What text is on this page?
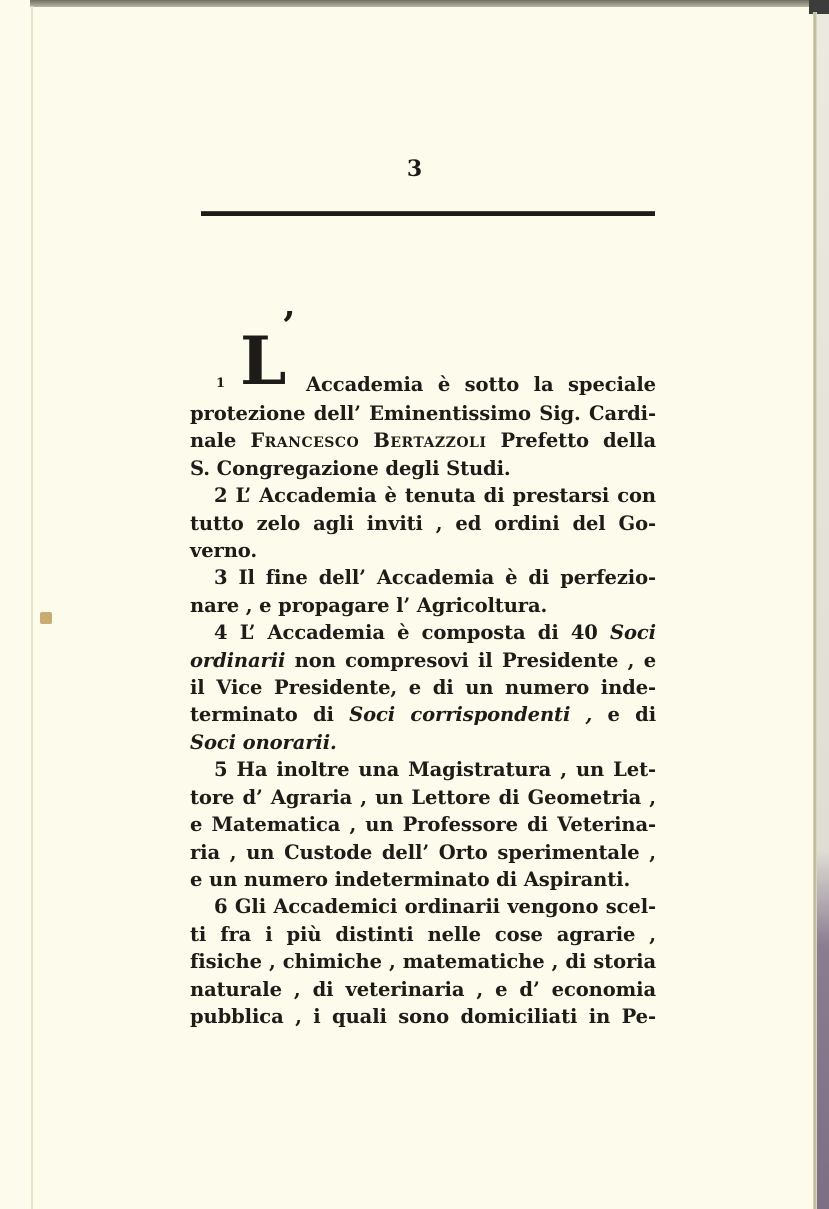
3
1 L
’
Accademia è sotto la speciale
protezione dell’ Eminentissimo Sig. Cardi-
nale Francesco Bertazzoli Prefetto della
S. Congregazione degli Studi.
2 L’ Accademia è tenuta di prestarsi con
tutto zelo agli inviti , ed ordini del Go-
verno.
3 Il fine dell’ Accademia è di perfezio-
nare , e propagare l’ Agricoltura.
4 L’ Accademia è composta di 40 Soci
ordinarii non compresovi il Presidente , e
il Vice Presidente, e di un numero inde-
terminato di Soci corrispondenti , e di
Soci onorarii.
5 Ha inoltre una Magistratura , un Let-
tore d’ Agraria , un Lettore di Geometria ,
e Matematica , un Professore di Veterina-
ria , un Custode dell’ Orto sperimentale ,
e un numero indeterminato di Aspiranti.
6 Gli Accademici ordinarii vengono scel-
ti fra i più distinti nelle cose agrarie ,
fisiche , chimiche , matematiche , di storia
naturale , di veterinaria , e d’ economia
pubblica , i quali sono domiciliati in Pe-
